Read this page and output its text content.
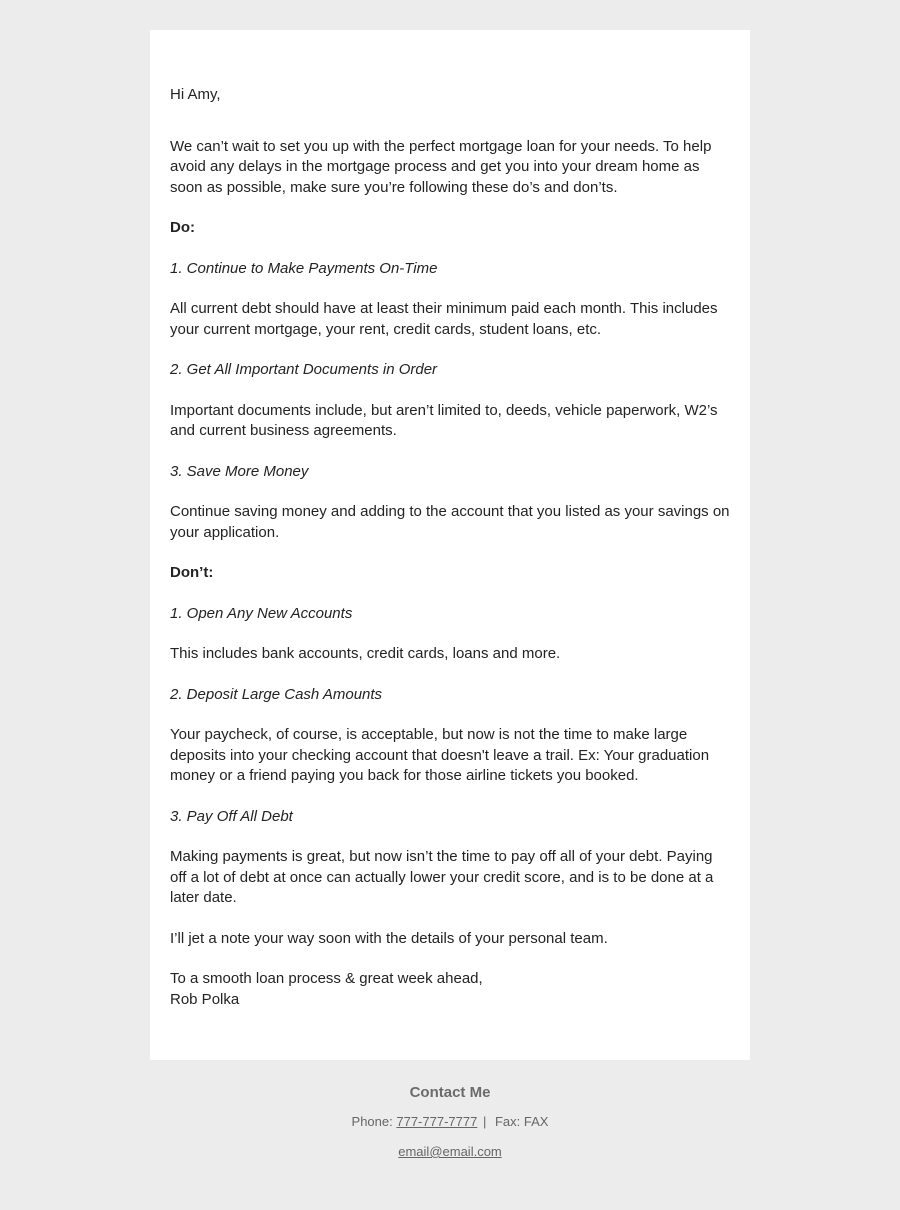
Hi Amy,

We can’t wait to set you up with the perfect mortgage loan for your needs. To help avoid any delays in the mortgage process and get you into your dream home as soon as possible, make sure you’re following these do’s and don’ts.

Do:

1. Continue to Make Payments On-Time

All current debt should have at least their minimum paid each month. This includes your current mortgage, your rent, credit cards, student loans, etc.

2. Get All Important Documents in Order

Important documents include, but aren’t limited to, deeds, vehicle paperwork, W2’s and current business agreements.

3. Save More Money

Continue saving money and adding to the account that you listed as your savings on your application.

Don’t:

1. Open Any New Accounts

This includes bank accounts, credit cards, loans and more.

2. Deposit Large Cash Amounts

Your paycheck, of course, is acceptable, but now is not the time to make large deposits into your checking account that doesn't leave a trail. Ex: Your graduation money or a friend paying you back for those airline tickets you booked.

3. Pay Off All Debt

Making payments is great, but now isn’t the time to pay off all of your debt. Paying off a lot of debt at once can actually lower your credit score, and is to be done at a later date.

I’ll jet a note your way soon with the details of your personal team.

To a smooth loan process & great week ahead,
Rob Polka

Contact Me

Phone: 777-777-7777 | Fax: FAX

email@email.com
